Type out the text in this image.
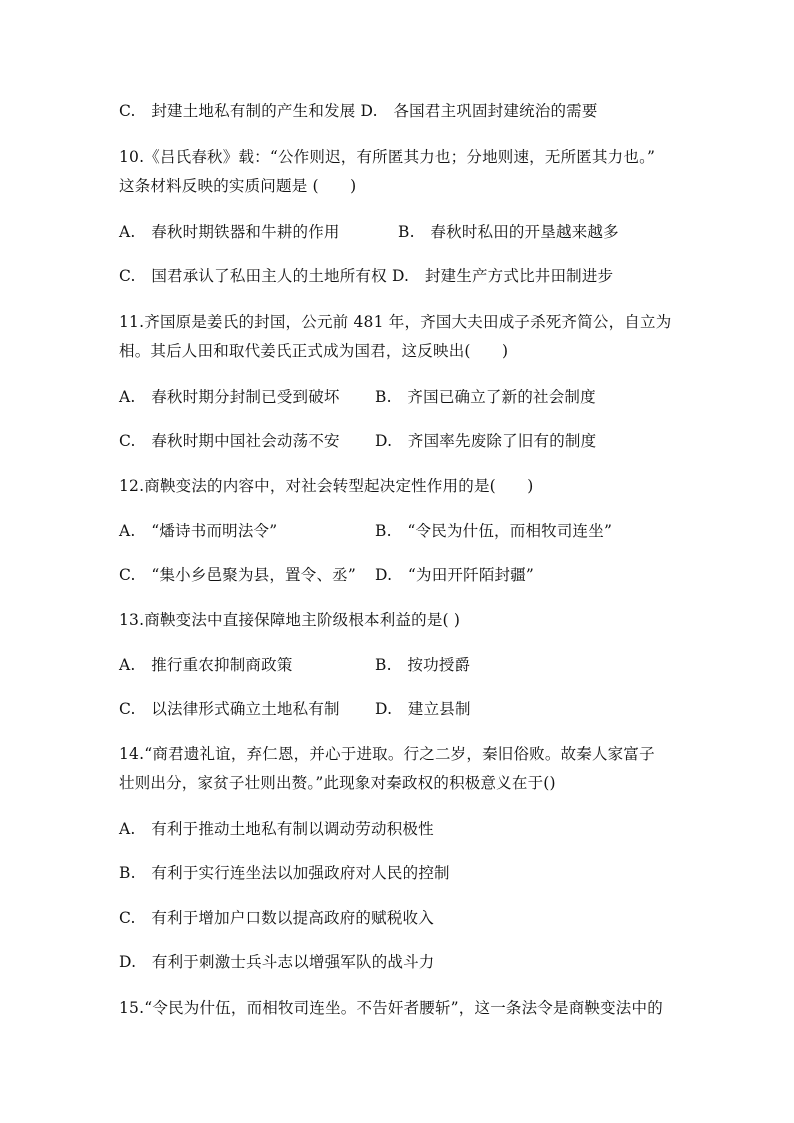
C.　封建土地私有制的产生和发展 D.　各国君主巩固封建统治的需要
10.《吕氏春秋》载：“公作则迟，有所匿其力也；分地则速，无所匿其力也。”
这条材料反映的实质问题是 (　　)
A.　春秋时期铁器和牛耕的作用	B.　春秋时私田的开垦越来越多
C.　国君承认了私田主人的土地所有权 D.　封建生产方式比井田制进步
11.齐国原是姜氏的封国，公元前 481 年，齐国大夫田成子杀死齐简公，自立为
相。其后人田和取代姜氏正式成为国君，这反映出(　　)
A.　春秋时期分封制已受到破坏 B.　齐国已确立了新的社会制度
C.　春秋时期中国社会动荡不安 D.　齐国率先废除了旧有的制度
12.商鞅变法的内容中，对社会转型起决定性作用的是(　　)
A.　“燔诗书而明法令”	B.　“令民为什伍，而相牧司连坐”
C.　“集小乡邑聚为县，置令、丞” D.　“为田开阡陌封疆”
13.商鞅变法中直接保障地主阶级根本利益的是( )
A.　推行重农抑制商政策	B.　按功授爵
C.　以法律形式确立土地私有制 D.　建立县制
14.“商君遗礼谊，弃仁恩，并心于进取。行之二岁，秦旧俗败。故秦人家富子
壮则出分，家贫子壮则出赘。”此现象对秦政权的积极意义在于()
A.　有利于推动土地私有制以调动劳动积极性
B.　有利于实行连坐法以加强政府对人民的控制
C.　有利于增加户口数以提高政府的赋税收入
D.　有利于刺激士兵斗志以增强军队的战斗力
15.“令民为什伍，而相牧司连坐。不告奸者腰斩”，这一条法令是商鞅变法中的
